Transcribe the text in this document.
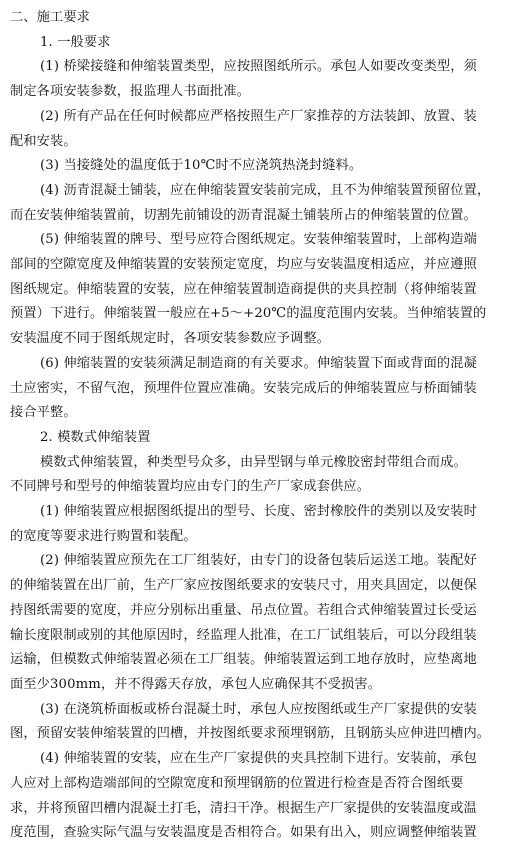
二、施工要求
1. 一般要求
(1) 桥梁接缝和伸缩装置类型，应按照图纸所示。承包人如要改变类型，须
制定各项安装参数，报监理人书面批准。
(2) 所有产品在任何时候都应严格按照生产厂家推荐的方法装卸、放置、装
配和安装。
(3) 当接缝处的温度低于10℃时不应浇筑热浇封缝料。
(4) 沥青混凝土铺装，应在伸缩装置安装前完成，且不为伸缩装置预留位置，
而在安装伸缩装置前，切割先前铺设的沥青混凝土铺装所占的伸缩装置的位置。
(5) 伸缩装置的牌号、型号应符合图纸规定。安装伸缩装置时，上部构造端
部间的空隙宽度及伸缩装置的安装预定宽度，均应与安装温度相适应，并应遵照
图纸规定。伸缩装置的安装，应在伸缩装置制造商提供的夹具控制（将伸缩装置
预置）下进行。伸缩装置一般应在+5～+20℃的温度范围内安装。当伸缩装置的
安装温度不同于图纸规定时，各项安装参数应予调整。
(6) 伸缩装置的安装须满足制造商的有关要求。伸缩装置下面或背面的混凝
土应密实，不留气泡，预埋件位置应准确。安装完成后的伸缩装置应与桥面铺装
接合平整。
2. 模数式伸缩装置
模数式伸缩装置，种类型号众多，由异型钢与单元橡胶密封带组合而成。
不同牌号和型号的伸缩装置均应由专门的生产厂家成套供应。
(1) 伸缩装置应根据图纸提出的型号、长度、密封橡胶件的类别以及安装时
的宽度等要求进行购置和装配。
(2) 伸缩装置应预先在工厂组装好，由专门的设备包装后运送工地。装配好
的伸缩装置在出厂前，生产厂家应按图纸要求的安装尺寸，用夹具固定，以便保
持图纸需要的宽度，并应分别标出重量、吊点位置。若组合式伸缩装置过长受运
输长度限制或别的其他原因时，经监理人批准，在工厂试组装后，可以分段组装
运输，但模数式伸缩装置必须在工厂组装。伸缩装置运到工地存放时，应垫离地
面至少300mm，并不得露天存放，承包人应确保其不受损害。
(3) 在浇筑桥面板或桥台混凝土时，承包人应按图纸或生产厂家提供的安装
图，预留安装伸缩装置的凹槽，并按图纸要求预埋钢筋，且钢筋头应伸进凹槽内。
(4) 伸缩装置的安装，应在生产厂家提供的夹具控制下进行。安装前，承包
人应对上部构造端部间的空隙宽度和预埋钢筋的位置进行检查是否符合图纸要
求，并将预留凹槽内混凝土打毛，清扫干净。根据生产厂家提供的安装温度或温
度范围，查验实际气温与安装温度是否相符合。如果有出入，则应调整伸缩装置
